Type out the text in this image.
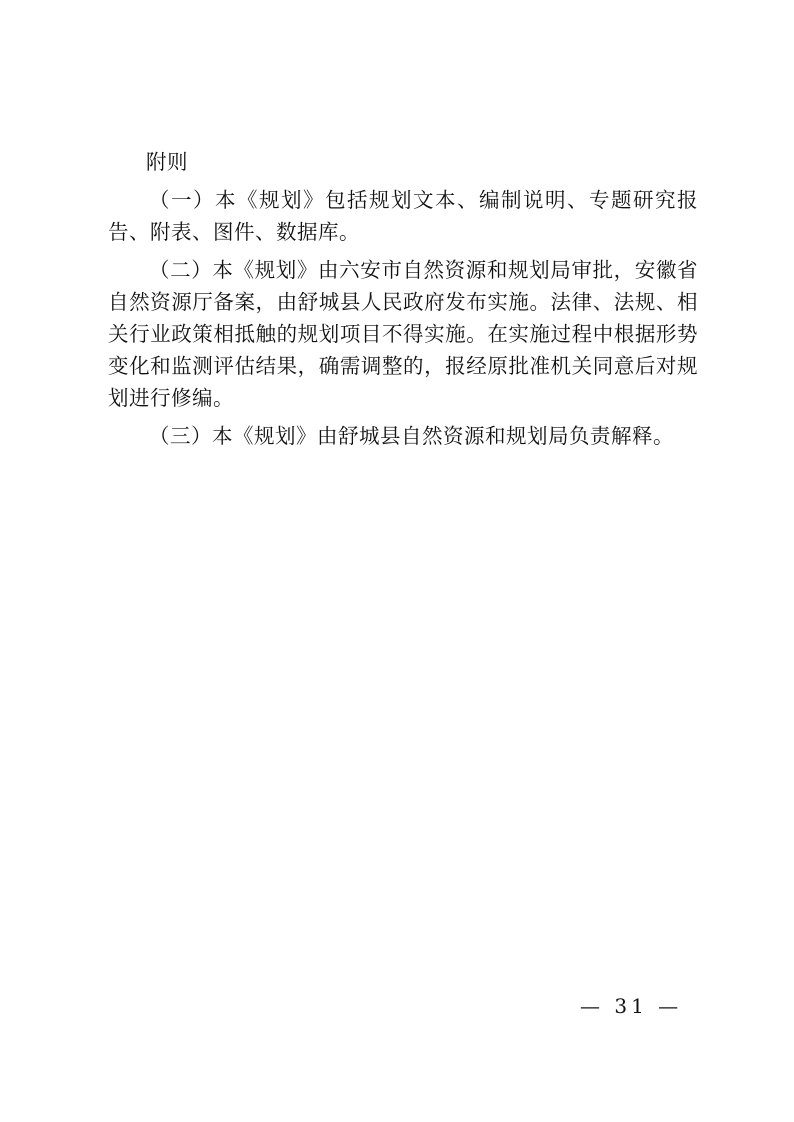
附则

（一）本《规划》包括规划文本、编制说明、专题研究报告、附表、图件、数据库。

（二）本《规划》由六安市自然资源和规划局审批，安徽省自然资源厅备案，由舒城县人民政府发布实施。法律、法规、相关行业政策相抵触的规划项目不得实施。在实施过程中根据形势变化和监测评估结果，确需调整的，报经原批准机关同意后对规划进行修编。

（三）本《规划》由舒城县自然资源和规划局负责解释。

— 31 —
